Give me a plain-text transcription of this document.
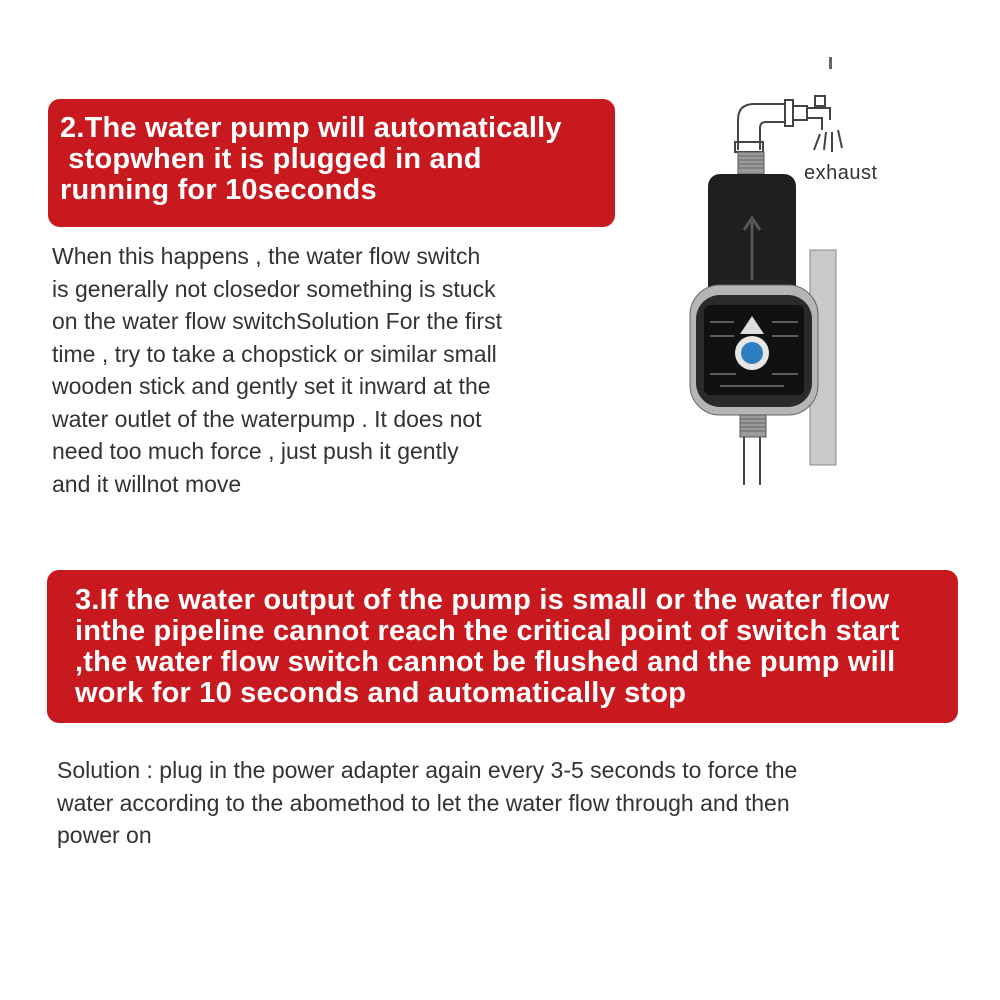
2.The water pump will automatically
stopwhen it is plugged in and
running for 10seconds
When this happens , the water flow switch
is generally not closedor something is stuck
on the water flow switchSolution For the first
time , try to take a chopstick or similar small
wooden stick and gently set it inward at the
water outlet of the waterpump . It does not
need too much force , just push it gently
and it willnot move
exhaust
3.If the water output of the pump is small or the water flow
inthe pipeline cannot reach the critical point of switch start
,the water flow switch cannot be flushed and the pump will
work for 10 seconds and automatically stop
Solution : plug in the power adapter again every 3-5 seconds to force the
water according to the abomethod to let the water flow through and then
power on
